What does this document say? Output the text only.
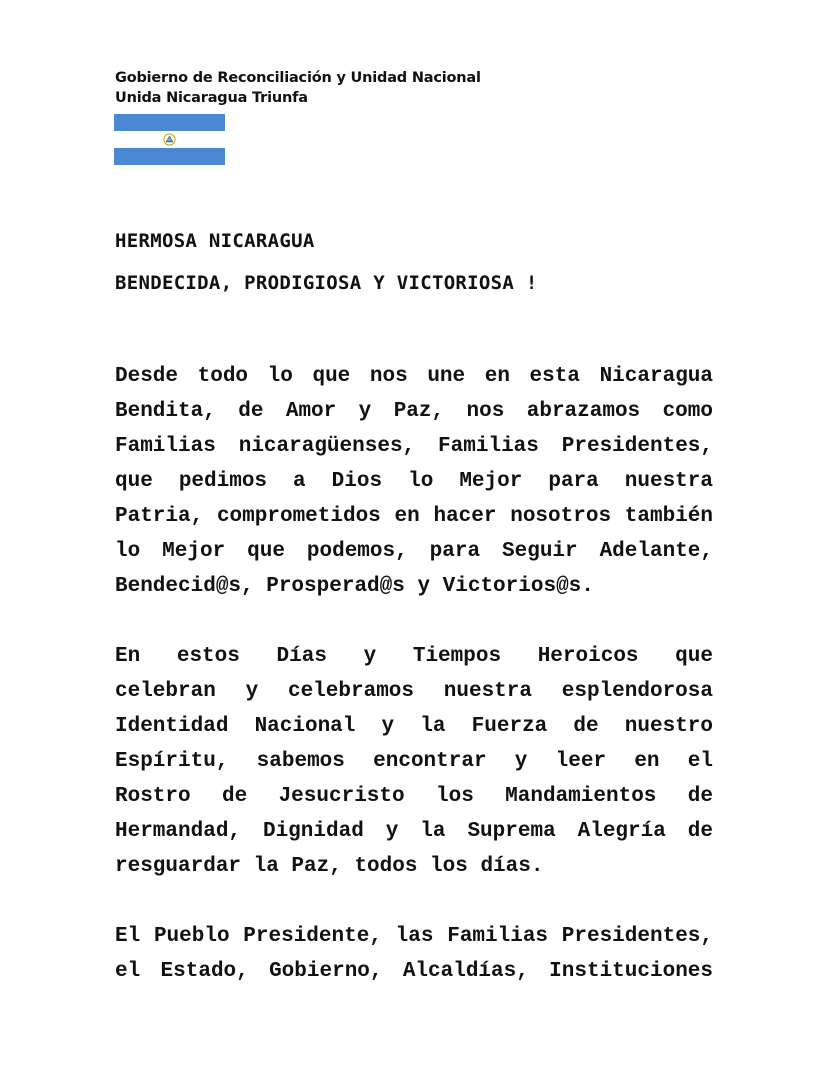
Gobierno de Reconciliación y Unidad Nacional
Unida Nicaragua Triunfa
HERMOSA NICARAGUA
BENDECIDA, PRODIGIOSA Y VICTORIOSA !
Desde todo lo que nos une en esta Nicaragua
Bendita, de Amor y Paz, nos abrazamos como
Familias nicaragüenses, Familias Presidentes,
que pedimos a Dios lo Mejor para nuestra
Patria, comprometidos en hacer nosotros también
lo Mejor que podemos, para Seguir Adelante,
Bendecid@s, Prosperad@s y Victorios@s.
En estos Días y Tiempos Heroicos que
celebran y celebramos nuestra esplendorosa
Identidad Nacional y la Fuerza de nuestro
Espíritu, sabemos encontrar y leer en el
Rostro de Jesucristo los Mandamientos de
Hermandad, Dignidad y la Suprema Alegría de
resguardar la Paz, todos los días.
El Pueblo Presidente, las Familias Presidentes,
el Estado, Gobierno, Alcaldías, Instituciones
